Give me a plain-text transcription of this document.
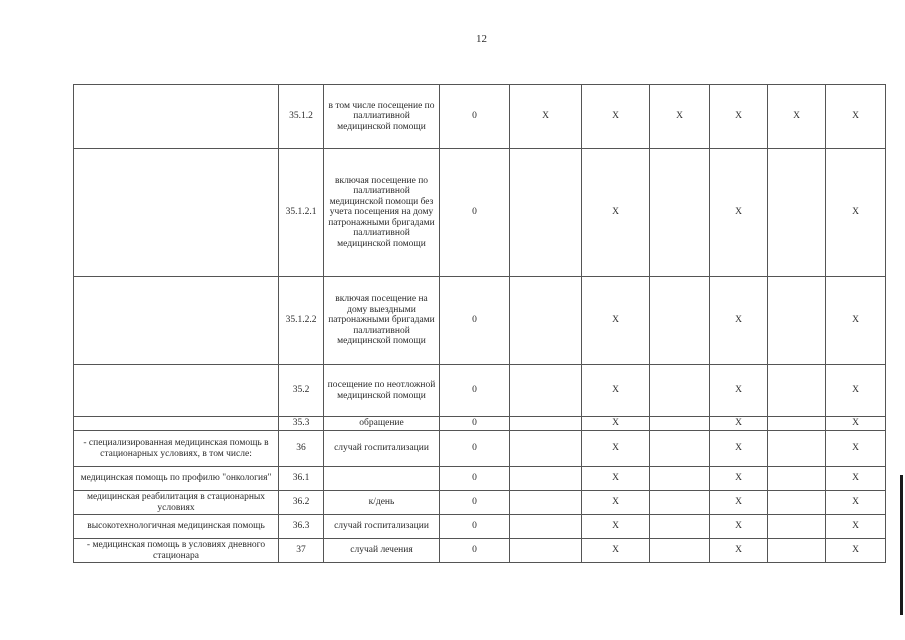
12
	35.1.2	в том числе посещение по паллиативной медицинской помощи	0	X	X	X	X	X	X
	35.1.2.1	включая посещение по паллиативной медицинской помощи без учета посещения на дому патронажными бригадами паллиативной медицинской помощи	0		X		X		X
	35.1.2.2	включая посещение на дому выездными патронажными бригадами паллиативной медицинской помощи	0		X		X		X
	35.2	посещение по неотложной медицинской помощи	0		X		X		X
	35.3	обращение	0		X		X		X
- специализированная медицинская помощь в стационарных условиях, в том числе:	36	случай госпитализации	0		X		X		X
медицинская помощь по профилю "онкология"	36.1		0		X		X		X
медицинская реабилитация в стационарных условиях	36.2	к/день	0		X		X		X
высокотехнологичная медицинская помощь	36.3	случай госпитализации	0		X		X		X
- медицинская помощь в условиях дневного стационара	37	случай лечения	0		X		X		X
